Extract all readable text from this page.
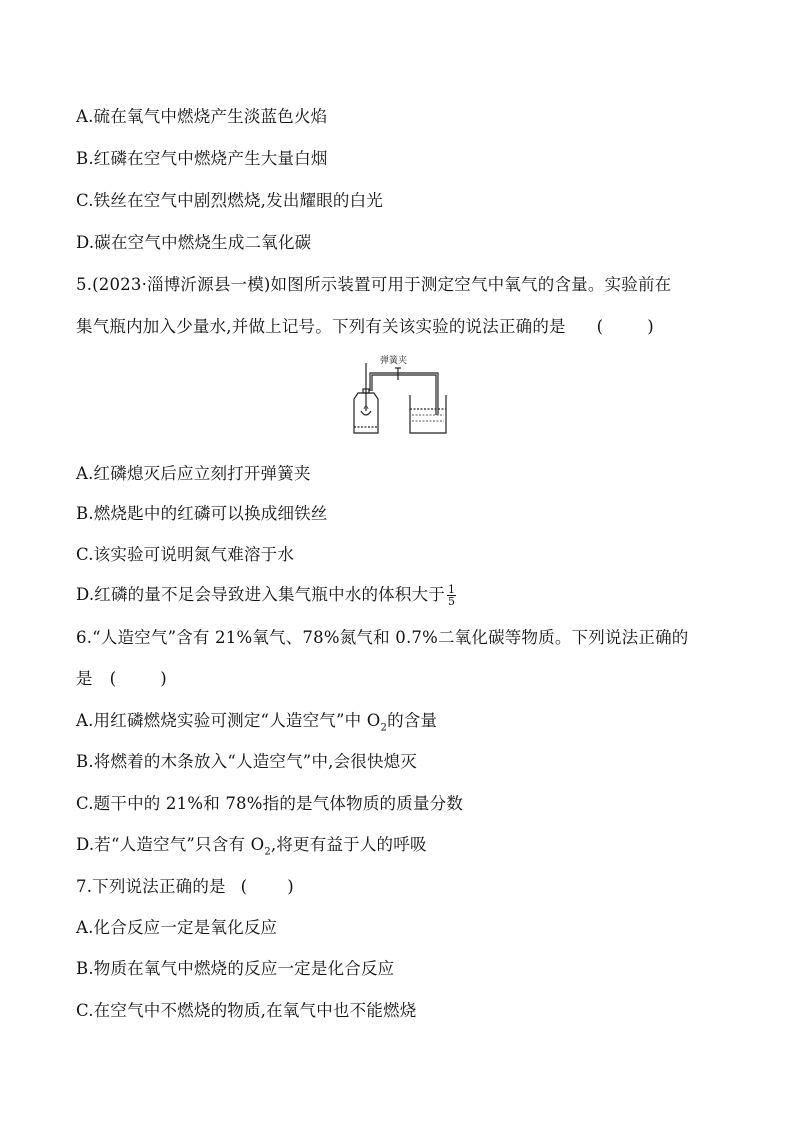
A.硫在氧气中燃烧产生淡蓝色火焰
B.红磷在空气中燃烧产生大量白烟
C.铁丝在空气中剧烈燃烧,发出耀眼的白光
D.碳在空气中燃烧生成二氧化碳
5.(2023·淄博沂源县一模)如图所示装置可用于测定空气中氧气的含量。实验前在
集气瓶内加入少量水,并做上记号。下列有关该实验的说法正确的是 (	)
弹簧夹
A.红磷熄灭后应立刻打开弹簧夹
B.燃烧匙中的红磷可以换成细铁丝
C.该实验可说明氮气难溶于水
D.红磷的量不足会导致进入集气瓶中水的体积大于 $\frac{1}{5}$
6.“人造空气”含有 21%氧气、78%氮气和 0.7%二氧化碳等物质。下列说法正确的
是 (	)
A.用红磷燃烧实验可测定“人造空气”中 $O_2$的含量
B.将燃着的木条放入“人造空气”中,会很快熄灭
C.题干中的 21%和 78%指的是气体物质的质量分数
D.若“人造空气”只含有 $O_2$,将更有益于人的呼吸
7.下列说法正确的是 ( )
A.化合反应一定是氧化反应
B.物质在氧气中燃烧的反应一定是化合反应
C.在空气中不燃烧的物质,在氧气中也不能燃烧
